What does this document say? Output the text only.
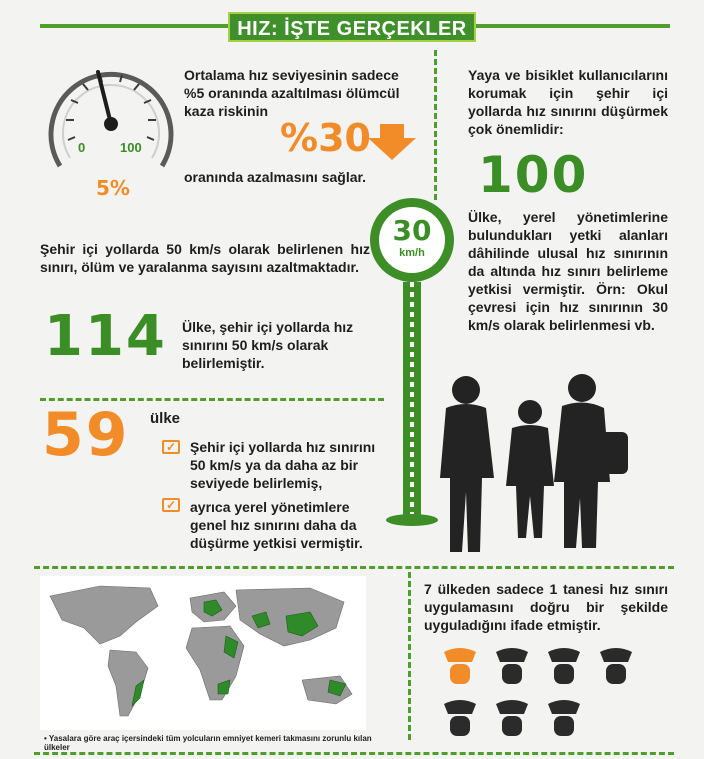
HIZ: İŞTE GERÇEKLER
0	100
5%
Ortalama hız seviyesinin sadece %5 oranında azaltılması ölümcül kaza riskinin
%30
oranında azalmasını sağlar.
Yaya ve bisiklet kullanıcılarını korumak için şehir içi yollarda hız sınırını düşürmek çok önemlidir:
100
Ülke, yerel yönetimlerine bulundukları yetki alanları dâhilinde ulusal hız sınırının da altında hız sınırı belirleme yetkisi vermiştir. Örn: Okul çevresi için hız sınırının 30 km/s olarak belirlenmesi vb.
30
km/h
Şehir içi yollarda 50 km/s olarak belirlenen hız sınırı, ölüm ve yaralanma sayısını azaltmaktadır.
114 Ülke, şehir içi yollarda hız sınırını 50 km/s olarak belirlemiştir.
59 ülke
✓ Şehir içi yollarda hız sınırını 50 km/s ya da daha az bir seviyede belirlemiş,
✓ ayrıca yerel yönetimlere genel hız sınırını daha da düşürme yetkisi vermiştir.
• Yasalara göre araç içersindeki tüm yolcuların emniyet kemeri takmasını zorunlu kılan ülkeler
7 ülkeden sadece 1 tanesi hız sınırı uygulamasını doğru bir şekilde uyguladığını ifade etmiştir.
